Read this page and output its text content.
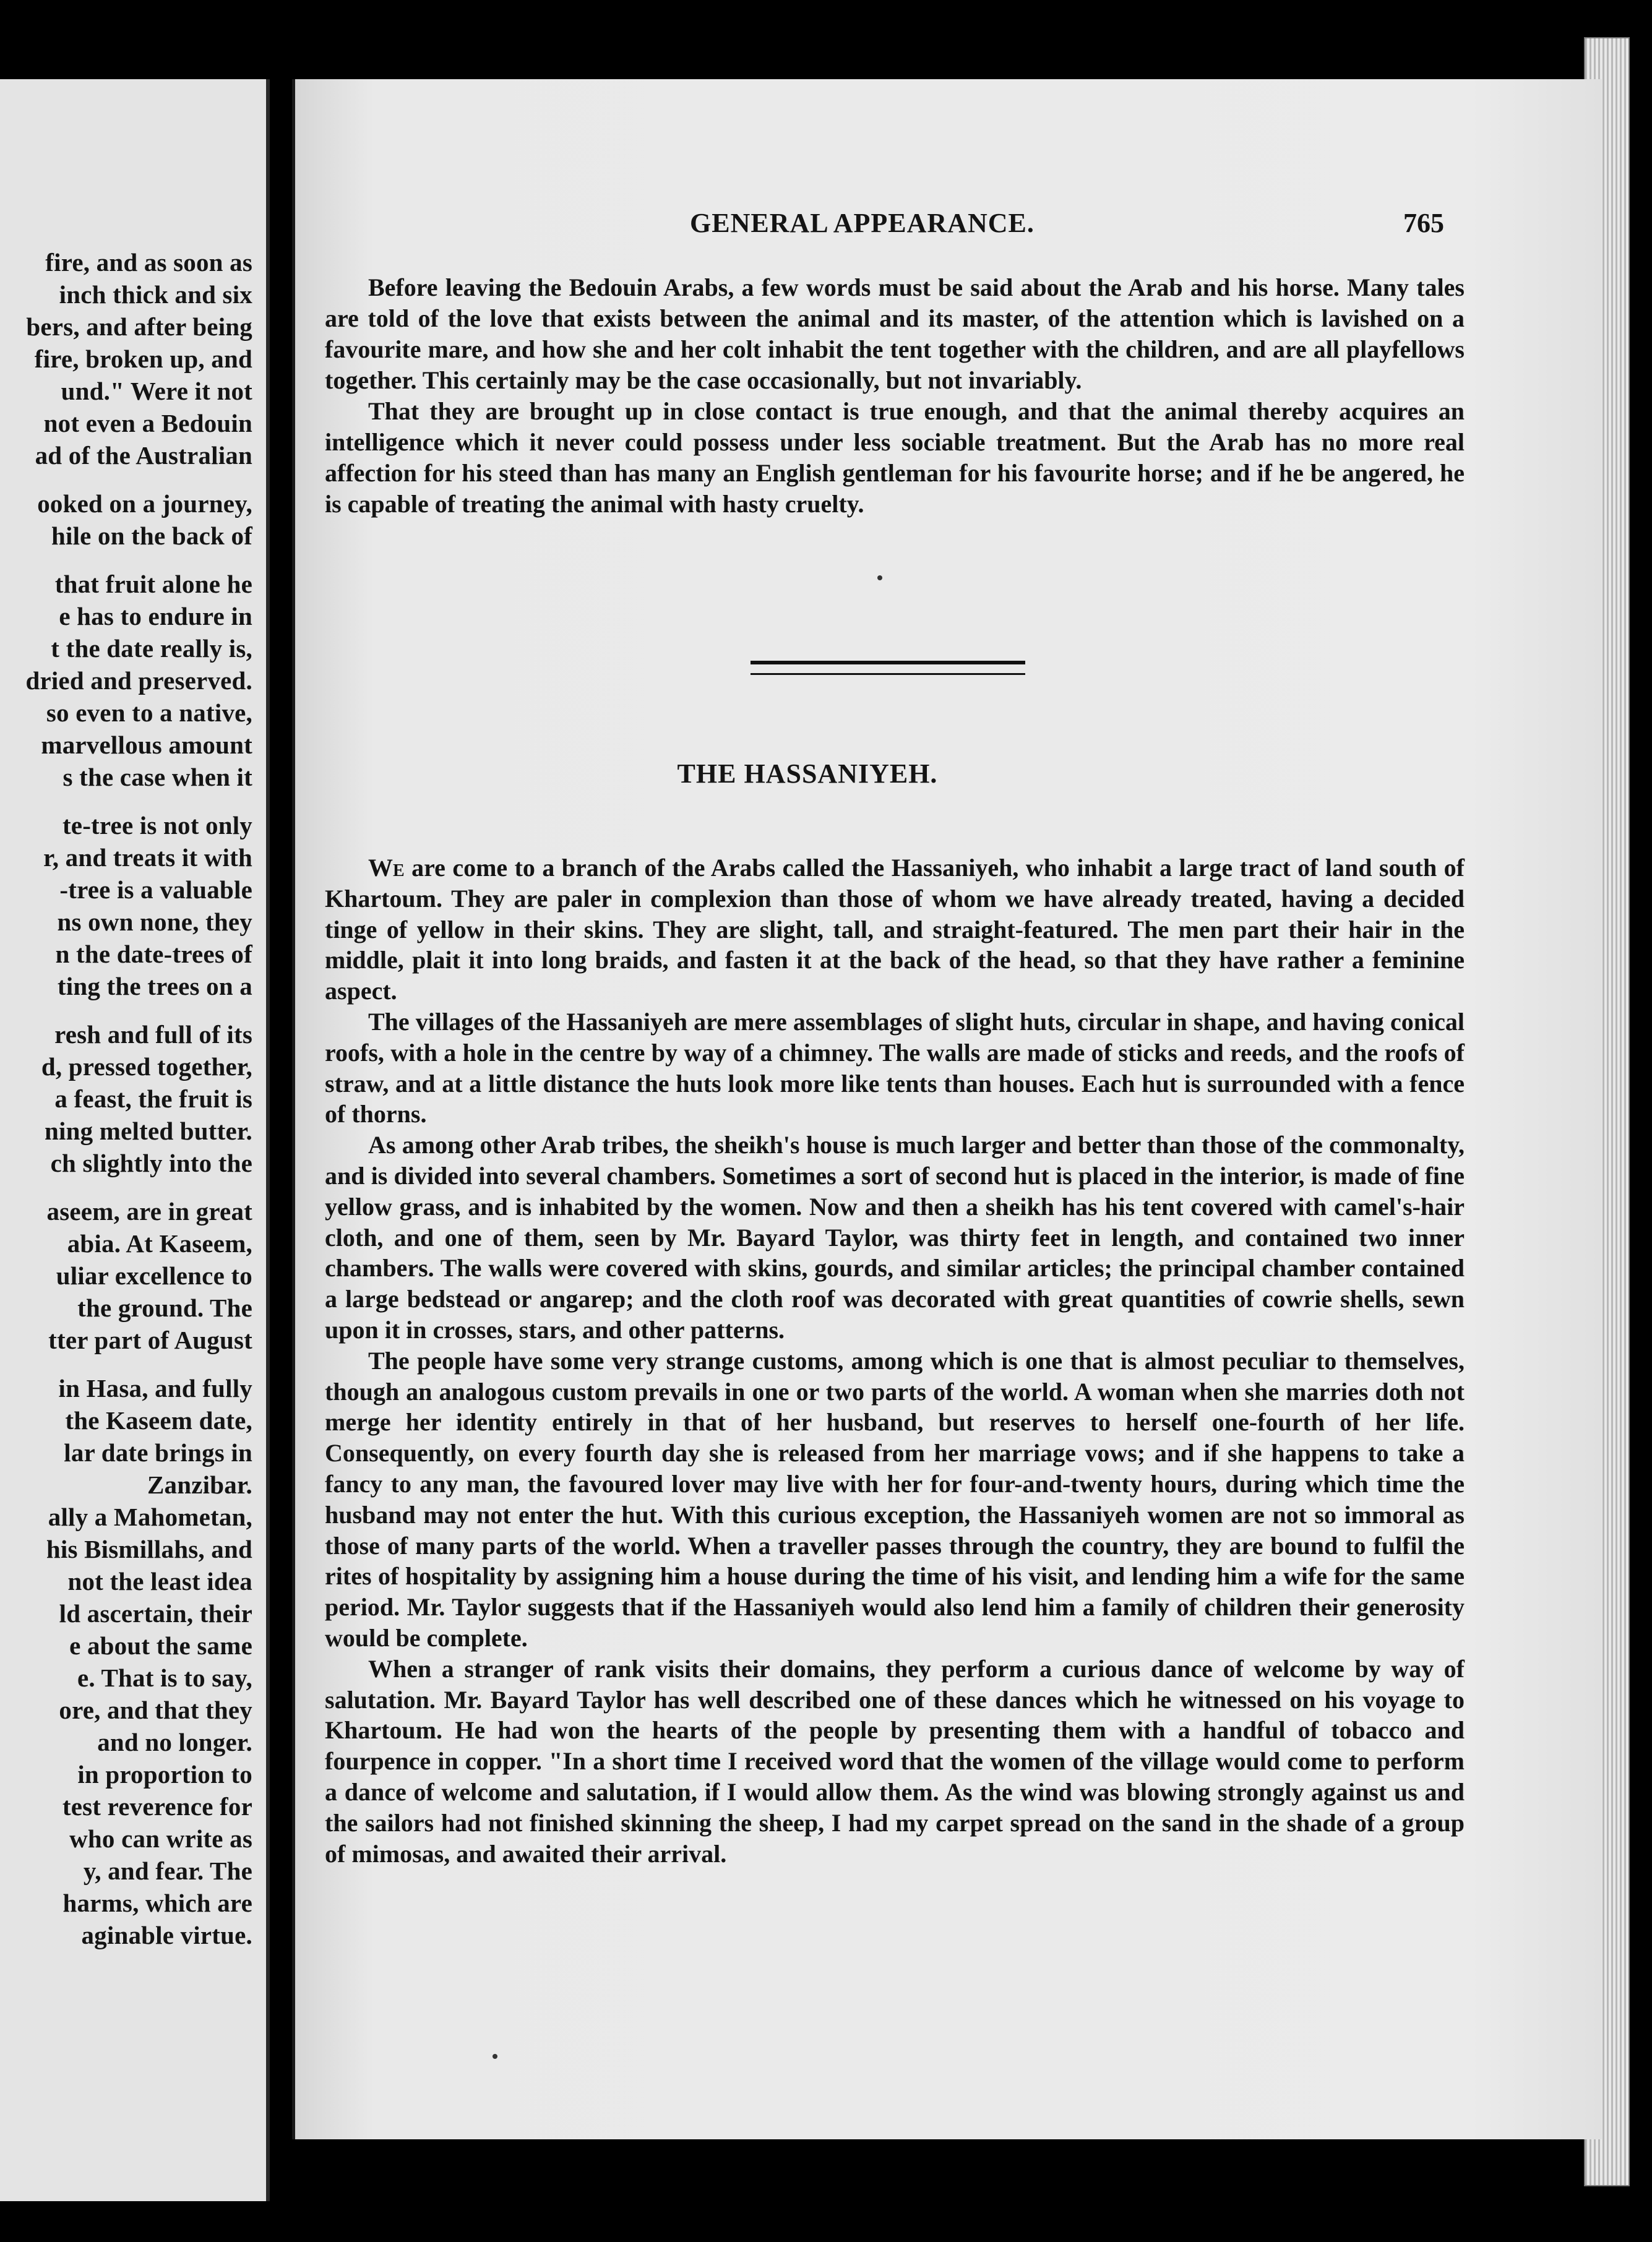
fire, and as soon as
inch thick and six
bers, and after being
fire, broken up, and
und." Were it not
not even a Bedouin
ad of the Australian
ooked on a journey,
hile on the back of
that fruit alone he
e has to endure in
t the date really is,
dried and preserved.
so even to a native,
marvellous amount
s the case when it
te-tree is not only
r, and treats it with
-tree is a valuable
ns own none, they
n the date-trees of
ting the trees on a
resh and full of its
d, pressed together,
a feast, the fruit is
ning melted butter.
ch slightly into the
aseem, are in great
abia. At Kaseem,
uliar excellence to
the ground. The
tter part of August
in Hasa, and fully
the Kaseem date,
lar date brings in
Zanzibar.
ally a Mahometan,
his Bismillahs, and
not the least idea
ld ascertain, their
e about the same
e. That is to say,
ore, and that they
and no longer.
in proportion to
test reverence for
who can write as
y, and fear. The
harms, which are
aginable virtue.
GENERAL APPEARANCE.	765

Before leaving the Bedouin Arabs, a few words must be said about the Arab and his horse. Many tales are told of the love that exists between the animal and its master, of the attention which is lavished on a favourite mare, and how she and her colt inhabit the tent together with the children, and are all playfellows together. This certainly may be the case occasionally, but not invariably.

That they are brought up in close contact is true enough, and that the animal thereby acquires an intelligence which it never could possess under less sociable treatment. But the Arab has no more real affection for his steed than has many an English gentleman for his favourite horse; and if he be angered, he is capable of treating the animal with hasty cruelty.

THE HASSANIYEH.

We are come to a branch of the Arabs called the Hassaniyeh, who inhabit a large tract of land south of Khartoum. They are paler in complexion than those of whom we have already treated, having a decided tinge of yellow in their skins. They are slight, tall, and straight-featured. The men part their hair in the middle, plait it into long braids, and fasten it at the back of the head, so that they have rather a feminine aspect.

The villages of the Hassaniyeh are mere assemblages of slight huts, circular in shape, and having conical roofs, with a hole in the centre by way of a chimney. The walls are made of sticks and reeds, and the roofs of straw, and at a little distance the huts look more like tents than houses. Each hut is surrounded with a fence of thorns.

As among other Arab tribes, the sheikh's house is much larger and better than those of the commonalty, and is divided into several chambers. Sometimes a sort of second hut is placed in the interior, is made of fine yellow grass, and is inhabited by the women. Now and then a sheikh has his tent covered with camel's-hair cloth, and one of them, seen by Mr. Bayard Taylor, was thirty feet in length, and contained two inner chambers. The walls were covered with skins, gourds, and similar articles; the principal chamber contained a large bedstead or angarep; and the cloth roof was decorated with great quantities of cowrie shells, sewn upon it in crosses, stars, and other patterns.

The people have some very strange customs, among which is one that is almost peculiar to themselves, though an analogous custom prevails in one or two parts of the world. A woman when she marries doth not merge her identity entirely in that of her husband, but reserves to herself one-fourth of her life. Consequently, on every fourth day she is released from her marriage vows; and if she happens to take a fancy to any man, the favoured lover may live with her for four-and-twenty hours, during which time the husband may not enter the hut. With this curious exception, the Hassaniyeh women are not so immoral as those of many parts of the world. When a traveller passes through the country, they are bound to fulfil the rites of hospitality by assigning him a house during the time of his visit, and lending him a wife for the same period. Mr. Taylor suggests that if the Hassaniyeh would also lend him a family of children their generosity would be complete.

When a stranger of rank visits their domains, they perform a curious dance of welcome by way of salutation. Mr. Bayard Taylor has well described one of these dances which he witnessed on his voyage to Khartoum. He had won the hearts of the people by presenting them with a handful of tobacco and fourpence in copper. "In a short time I received word that the women of the village would come to perform a dance of welcome and salutation, if I would allow them. As the wind was blowing strongly against us and the sailors had not finished skinning the sheep, I had my carpet spread on the sand in the shade of a group of mimosas, and awaited their arrival.
